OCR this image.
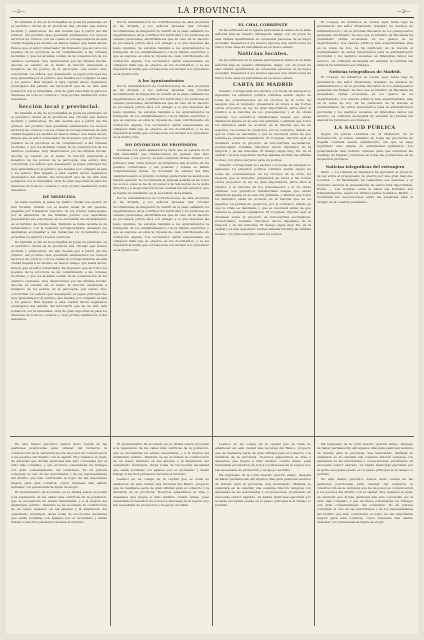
—2—	LA PROVINCIA	—3—

Es también el día de la Compañía de Jesús ha publicado en el periódico oficial de la provincia una circular que hemos recibido y publicamos. De ella resulta que a partir del día primero del próximo mes quedarán establecidos los nuevos servicios de correos, con los cuales la correspondencia de esta ciudad llegará a su destino en menos tiempo que hasta ahora. Parece que el señor Gobernador ha dispuesto que en todos los pueblos de la provincia se dé cumplimiento a las órdenes recibidas, y que los alcaldes cuiden de la conservación de los caminos vecinales, muy deteriorados por las últimas lluvias. Anoche se celebró en el teatro la función anunciada a beneficio de los pobres de la parroquia, que estuvo muy concurrida. La señora que desempeñó el papel principal fue muy aplaudida por el público, que llenaba por completo la sala y los palcos. Han llegado a esta capital varios ingenieros encargados del estudio del ferrocarril que ha de unir esta población con la inmediata, obra de gran importancia para los intereses de toda la comarca y cuya pronta realización todos deseamos.

Sección local y provincial.

Es también el día de la Compañía de Jesús ha publicado en el periódico oficial de la provincia una circular que hemos recibido y publicamos. De ella resulta que a partir del día primero del próximo mes quedarán establecidos los nuevos servicios de correos, con los cuales la correspondencia de esta ciudad llegará a su destino en menos tiempo que hasta ahora. Parece que el señor Gobernador ha dispuesto que en todos los pueblos de la provincia se dé cumplimiento a las órdenes recibidas, y que los alcaldes cuiden de la conservación de los caminos vecinales, muy deteriorados por las últimas lluvias. Anoche se celebró en el teatro la función anunciada a beneficio de los pobres de la parroquia, que estuvo muy concurrida. La señora que desempeñó el papel principal fue muy aplaudida por el público, que llenaba por completo la sala y los palcos. Han llegado a esta capital varios ingenieros encargados del estudio del ferrocarril que ha de unir esta población con la inmediata, obra de gran importancia para los intereses de toda la comarca y cuya pronta realización todos deseamos.

DE MEDICINA

Se halla vacante la plaza de médico titular del pueblo de San Vicente, dotada con el sueldo anual de mil pesetas, pagadas por trimestres vencidos de los fondos municipales, por la asistencia de las familias pobres. Los aspirantes presentarán sus solicitudes en la secretaría del Ayuntamiento en el término de treinta días. También se halla vacante la de farmacéutico, con la dotación correspondiente, debiendo los aspirantes acompañar a sus instancias los documentos que acrediten su aptitud y buena conducta.

Es también el día de la Compañía de Jesús ha publicado en el periódico oficial de la provincia una circular que hemos recibido y publicamos. De ella resulta que a partir del día primero del próximo mes quedarán establecidos los nuevos servicios de correos, con los cuales la correspondencia de esta ciudad llegará a su destino en menos tiempo que hasta ahora. Parece que el señor Gobernador ha dispuesto que en todos los pueblos de la provincia se dé cumplimiento a las órdenes recibidas, y que los alcaldes cuiden de la conservación de los caminos vecinales, muy deteriorados por las últimas lluvias. Anoche se celebró en el teatro la función anunciada a beneficio de los pobres de la parroquia, que estuvo muy concurrida. La señora que desempeñó el papel principal fue muy aplaudida por el público, que llenaba por completo la sala y los palcos. Han llegado a esta capital varios ingenieros encargados del estudio del ferrocarril que ha de unir esta población con la inmediata, obra de gran importancia para los intereses de toda la comarca y cuya pronta realización todos deseamos.

Por la Administración de Contribuciones de esta provincia se ha dirigido a los señores alcaldes una circular recordándoles la obligación de remitir en el plazo señalado los repartimientos de la contribución territorial y los padrones de cédulas personales, advirtiéndoles que en caso de no hacerlo se procederá contra ellos con arreglo a lo que disponen las leyes vigentes. Se encarga también a los ayuntamientos la formación de los amillaramientos con la debida exactitud, y que se exprese en ellos la riqueza de cada contribuyente sin ocultación alguna. Los secretarios serán responsables de cualquier falta que se observe en los documentos, y se les impondrá la multa que corresponda con arreglo a lo prevenido en la instrucción.

A los Ayuntamientos

Por la Administración de Contribuciones de esta provincia se ha dirigido a los señores alcaldes una circular recordándoles la obligación de remitir en el plazo señalado los repartimientos de la contribución territorial y los padrones de cédulas personales, advirtiéndoles que en caso de no hacerlo se procederá contra ellos con arreglo a lo que disponen las leyes vigentes. Se encarga también a los ayuntamientos la formación de los amillaramientos con la debida exactitud, y que se exprese en ellos la riqueza de cada contribuyente sin ocultación alguna. Los secretarios serán responsables de cualquier falta que se observe en los documentos, y se les impondrá la multa que corresponda con arreglo a lo prevenido en la instrucción.

NO DIVORCIOS DE PROFESIÓN

Continúa con gran animación la feria que se celebra en la villa inmediata. Las transacciones de ganado han sido numerosas y los precios se han sostenido firmes durante los primeros días. Gran número de forasteros han acudido de los pueblos comarcanos, y las posadas y fondas se hallan completamente llenas. La Sociedad de Amigos del País celebrará sesión el próximo domingo para tratar de asuntos de interés general. Se recomienda la puntual asistencia de todos los socios, pues se ha de proceder a la renovación de la junta directiva y a la aprobación de las cuentas del año anterior, que se hallan de manifiesto en la secretaría de la misma.

Por la Administración de Contribuciones de esta provincia se ha dirigido a los señores alcaldes una circular recordándoles la obligación de remitir en el plazo señalado los repartimientos de la contribución territorial y los padrones de cédulas personales, advirtiéndoles que en caso de no hacerlo se procederá contra ellos con arreglo a lo que disponen las leyes vigentes. Se encarga también a los ayuntamientos la formación de los amillaramientos con la debida exactitud, y que se exprese en ellos la riqueza de cada contribuyente sin ocultación alguna. Los secretarios serán responsables de cualquier falta que se observe en los documentos, y se les impondrá la multa que corresponda con arreglo a lo prevenido en la instrucción.

EL CHAL CORRIENTE

Se ha verificado en la iglesia parroquial el enlace de la bella señorita hija de nuestro distinguido amigo con un joven de esta ciudad, apadrinando la ceremonia personas de la mejor sociedad. Deseamos a los nuevos esposos una eterna luna de miel y toda clase de felicidades en su nuevo estado.

Noticias locales.

Se ha verificado en la iglesia parroquial el enlace de la bella señorita hija de nuestro distinguido amigo con un joven de esta ciudad, apadrinando la ceremonia personas de la mejor sociedad. Deseamos a los nuevos esposos una eterna luna de miel y toda clase de felicidades en su nuevo estado.

CARTA DE MADRID

Nuestro corresponsal nos escribe con fecha de anteayer lo siguiente: La situación política continúa siendo objeto de todas las conversaciones en los círculos de la corte. Se asegura que el Gobierno presentará en breve a las Cortes varios proyectos de ley de gran importancia, entre ellos el relativo a la reforma de los presupuestos y el de obras públicas. Los periódicos ministeriales niegan que exista disidencia alguna en el seno del gabinete, y afirman que todos los ministros están de acuerdo en la marcha que ha de seguirse. La prensa de oposición, por el contrario, insiste en que la crisis es inevitable y que se resolverá antes de que termine la presente legislatura. El Congreso discutió ayer el dictamen sobre el proyecto de ferrocarriles secundarios, pronunciando notables discursos varios diputados de la mayoría y de las minorías. El tiempo sigue muy frío en la capital y se han registrado fuertes heladas durante las últimas noches, con grave perjuicio para los pobres.

Nuestro corresponsal nos escribe con fecha de anteayer lo siguiente: La situación política continúa siendo objeto de todas las conversaciones en los círculos de la corte. Se asegura que el Gobierno presentará en breve a las Cortes varios proyectos de ley de gran importancia, entre ellos el relativo a la reforma de los presupuestos y el de obras públicas. Los periódicos ministeriales niegan que exista disidencia alguna en el seno del gabinete, y afirman que todos los ministros están de acuerdo en la marcha que ha de seguirse. La prensa de oposición, por el contrario, insiste en que la crisis es inevitable y que se resolverá antes de que termine la presente legislatura. El Congreso discutió ayer el dictamen sobre el proyecto de ferrocarriles secundarios, pronunciando notables discursos varios diputados de la mayoría y de las minorías. El tiempo sigue muy frío en la capital y se han registrado fuertes heladas durante las últimas noches, con grave perjuicio para los pobres.

El Consejo de ministros se reunió ayer tarde bajo la presidencia del señor Presidente, tratando de asuntos de administración y de la próxima discusión de los presupuestos generales del Estado. Se dice que el ministro de Hacienda ha presentado varias economías en los gastos de su departamento. Los valores públicos han experimentado alza en la bolsa de hoy. Se ha publicado en la Gaceta el nombramiento de varios funcionarios para la administración provincial y los destinos vacantes en diferentes ramos del servicio. La comisión encargada de estudiar la reforma del arancel ha terminado sus trabajos.

Noticias telegráficas de Madrid.

El Consejo de ministros se reunió ayer tarde bajo la presidencia del señor Presidente, tratando de asuntos de administración y de la próxima discusión de los presupuestos generales del Estado. Se dice que el ministro de Hacienda ha presentado varias economías en los gastos de su departamento. Los valores públicos han experimentado alza en la bolsa de hoy. Se ha publicado en la Gaceta el nombramiento de varios funcionarios para la administración provincial y los destinos vacantes en diferentes ramos del servicio. La comisión encargada de estudiar la reforma del arancel ha terminado sus trabajos.

LA SALUD PÚBLICA

Según los partes recibidos en el Ministerio de la Gobernación, el estado sanitario de todas las provincias de España continúa siendo satisfactorio, sin que se haya registrado caso alguno de enfermedad epidémica. Los gobernadores han recibido órdenes para que extremen las medidas de higiene y limpieza en todas las poblaciones de su respectiva provincia.

Noticias telegráficas del extranjero

París. — La Cámara de diputados ha aprobado el proyecto de ley sobre el presupuesto de guerra por una gran mayoría. Londres. — El Parlamento ha reanudado sus sesiones, y el Gobierno anuncia la presentación de varios bills importantes. Roma. — Las noticias sobre la salud del Pontífice son tranquilizadoras, según los últimos partes recibidos. Berlín. — Continúan las negociaciones entre las potencias para el arreglo de la cuestión pendiente.

En este mismo periódico hemos dado cuenta de las gestiones practicadas para obtener del Gobierno la construcción de la carretera que ha de poner en comunicación a los pueblos del distrito con la capital. Hoy tenemos el gusto de anunciar que dichas gestiones han sido coronadas por el éxito más completo, y que en breve comenzarán los trabajos con gran contentamiento del vecindario. Es de justicia consignar el celo de las autoridades y de los representantes del distrito que han contribuido al logro de tan importante mejora para esta comarca, cuyos intereses han sabido defender con perseverancia digna de elogio.

El Ayuntamiento ha acordado en su última sesión proceder a la reparación de las calles más céntricas de la población, que se encuentran en estado lamentable, y a la mejora del alumbrado público. También se ha acordado la construcción de un nuevo lavadero en las afueras y la ampliación del cementerio municipal, obras todas de reconocida necesidad que serán recibidas con aplauso por el vecindario y darán trabajo a muchos jornaleros durante el invierno.

El Ayuntamiento ha acordado en su última sesión proceder a la reparación de las calles más céntricas de la población, que se encuentran en estado lamentable, y a la mejora del alumbrado público. También se ha acordado la construcción de un nuevo lavadero en las afueras y la ampliación del cementerio municipal, obras todas de reconocida necesidad que serán recibidas con aplauso por el vecindario y darán trabajo a muchos jornaleros durante el invierno.

Leemos en un colega de la capital que se trata de establecer en esta ciudad una sucursal del Banco, proyecto que de realizarse sería de gran utilidad para el comercio y la industria de la provincia. Nosotros aplaudimos la idea y deseamos que llegue a feliz término cuanto antes, pues redundará en beneficio de todos los intereses de la región, hoy tan necesitada de protección y de apoyo decidido.

Leemos en un colega de la capital que se trata de establecer en esta ciudad una sucursal del Banco, proyecto que de realizarse sería de gran utilidad para el comercio y la industria de la provincia. Nosotros aplaudimos la idea y deseamos que llegue a feliz término cuanto antes, pues redundará en beneficio de todos los intereses de la región, hoy tan necesitada de protección y de apoyo decidido.

Ha regresado de la corte nuestro querido amigo, después de haber permanecido allí algunos días para gestionar asuntos de interés para la provincia. Sea bienvenido. Mañana se celebrará en la catedral una solemne función religiosa con asistencia de las autoridades y corporaciones, predicando un elocuente orador sagrado. La banda municipal ejecutará por la tarde escogidas piezas en el paseo principal si el tiempo lo permite.

Ha regresado de la corte nuestro querido amigo, después de haber permanecido allí algunos días para gestionar asuntos de interés para la provincia. Sea bienvenido. Mañana se celebrará en la catedral una solemne función religiosa con asistencia de las autoridades y corporaciones, predicando un elocuente orador sagrado. La banda municipal ejecutará por la tarde escogidas piezas en el paseo principal si el tiempo lo permite.

En este mismo periódico hemos dado cuenta de las gestiones practicadas para obtener del Gobierno la construcción de la carretera que ha de poner en comunicación a los pueblos del distrito con la capital. Hoy tenemos el gusto de anunciar que dichas gestiones han sido coronadas por el éxito más completo, y que en breve comenzarán los trabajos con gran contentamiento del vecindario. Es de justicia consignar el celo de las autoridades y de los representantes del distrito que han contribuido al logro de tan importante mejora para esta comarca, cuyos intereses han sabido defender con perseverancia digna de elogio.
